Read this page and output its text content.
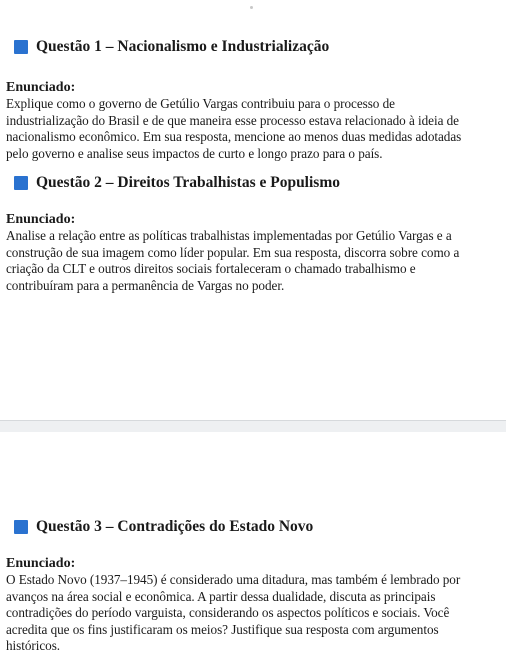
Questão 1 – Nacionalismo e Industrialização
Enunciado:
Explique como o governo de Getúlio Vargas contribuiu para o processo de
industrialização do Brasil e de que maneira esse processo estava relacionado à ideia de
nacionalismo econômico. Em sua resposta, mencione ao menos duas medidas adotadas
pelo governo e analise seus impactos de curto e longo prazo para o país.
Questão 2 – Direitos Trabalhistas e Populismo
Enunciado:
Analise a relação entre as políticas trabalhistas implementadas por Getúlio Vargas e a
construção de sua imagem como líder popular. Em sua resposta, discorra sobre como a
criação da CLT e outros direitos sociais fortaleceram o chamado trabalhismo e
contribuíram para a permanência de Vargas no poder.
Questão 3 – Contradições do Estado Novo
Enunciado:
O Estado Novo (1937–1945) é considerado uma ditadura, mas também é lembrado por
avanços na área social e econômica. A partir dessa dualidade, discuta as principais
contradições do período varguista, considerando os aspectos políticos e sociais. Você
acredita que os fins justificaram os meios? Justifique sua resposta com argumentos
históricos.
